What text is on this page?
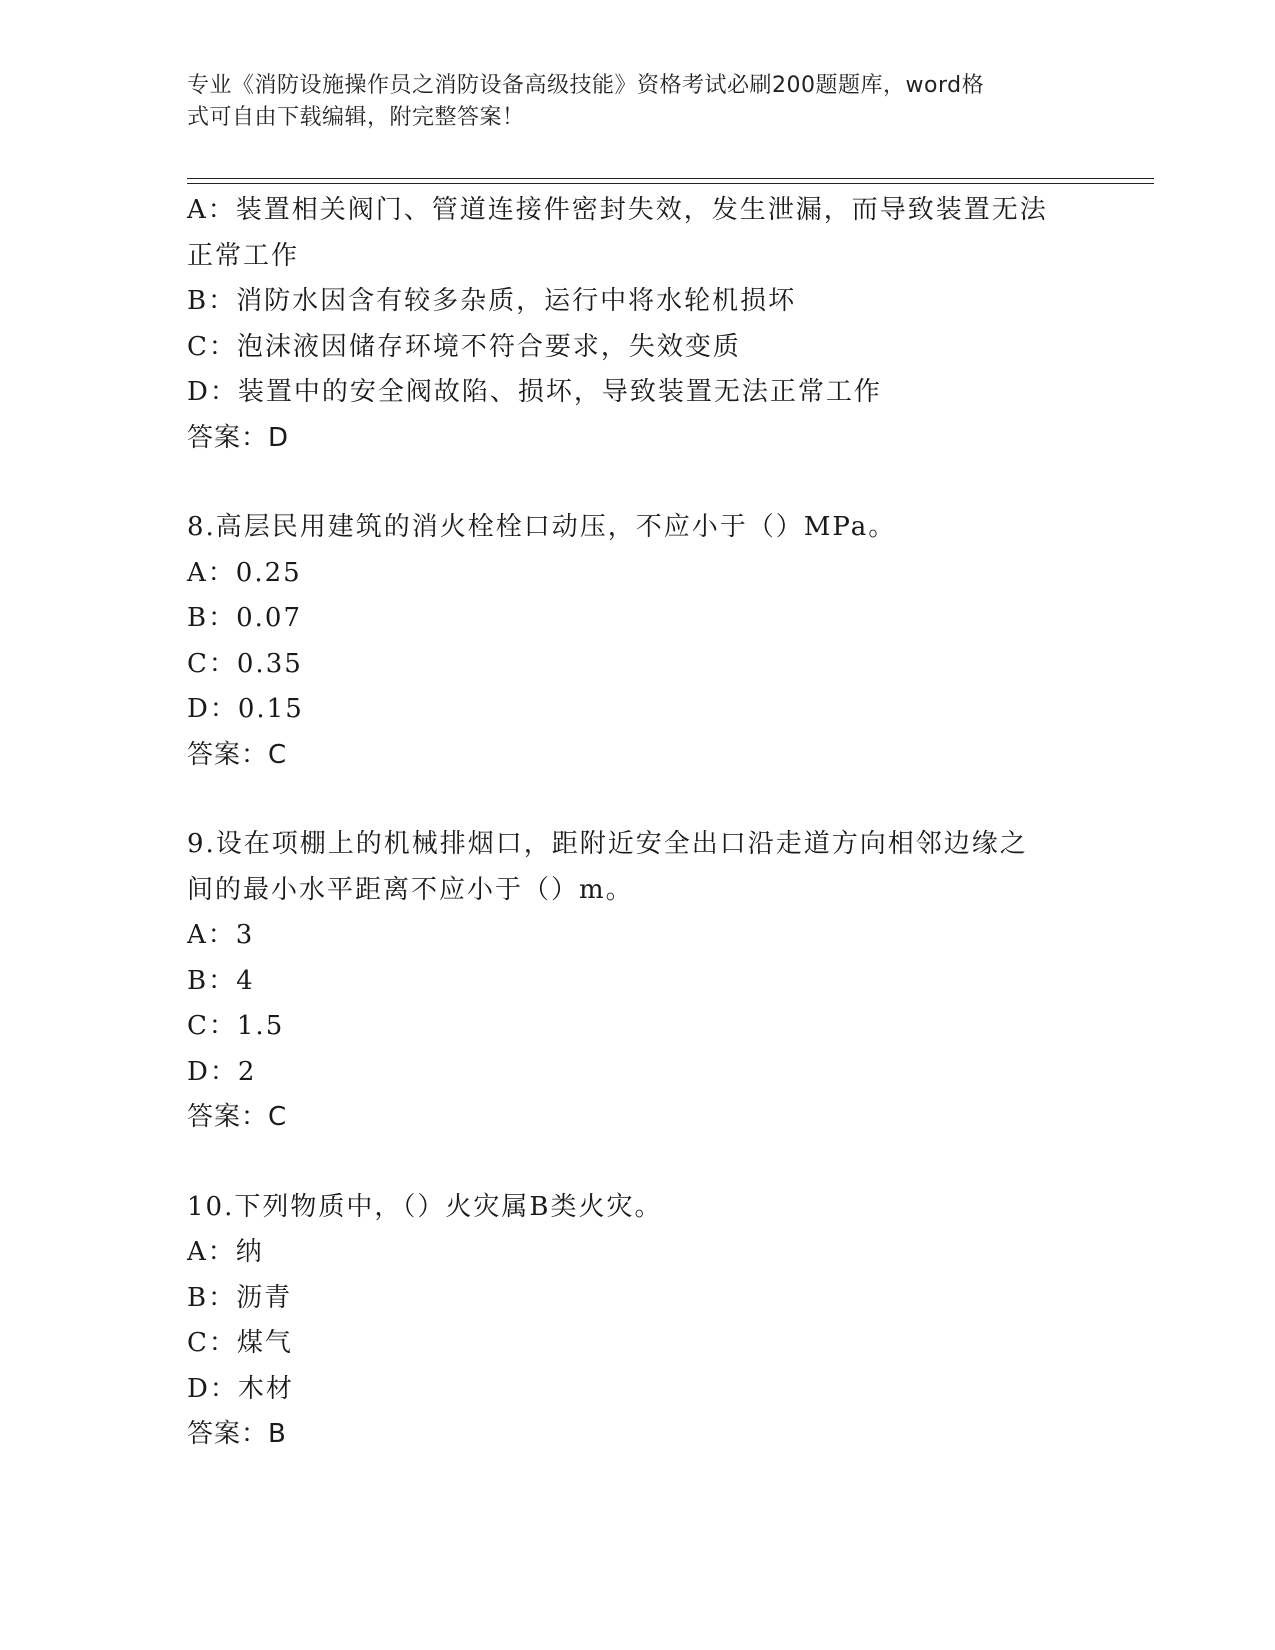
专业《消防设施操作员之消防设备高级技能》资格考试必刷200题题库，word格
式可自由下载编辑，附完整答案！
A：装置相关阀门、管道连接件密封失效，发生泄漏，而导致装置无法
正常工作
B：消防水因含有较多杂质，运行中将水轮机损坏
C：泡沫液因储存环境不符合要求，失效变质
D：装置中的安全阀故陷、损坏，导致装置无法正常工作
答案：D
8.高层民用建筑的消火栓栓口动压，不应小于（）MPa。
A：0.25
B：0.07
C：0.35
D：0.15
答案：C
9.设在项棚上的机械排烟口，距附近安全出口沿走道方向相邻边缘之
间的最小水平距离不应小于（）m。
A：3
B：4
C：1.5
D：2
答案：C
10.下列物质中，（）火灾属B类火灾。
A：纳
B：沥青
C：煤气
D：木材
答案：B
